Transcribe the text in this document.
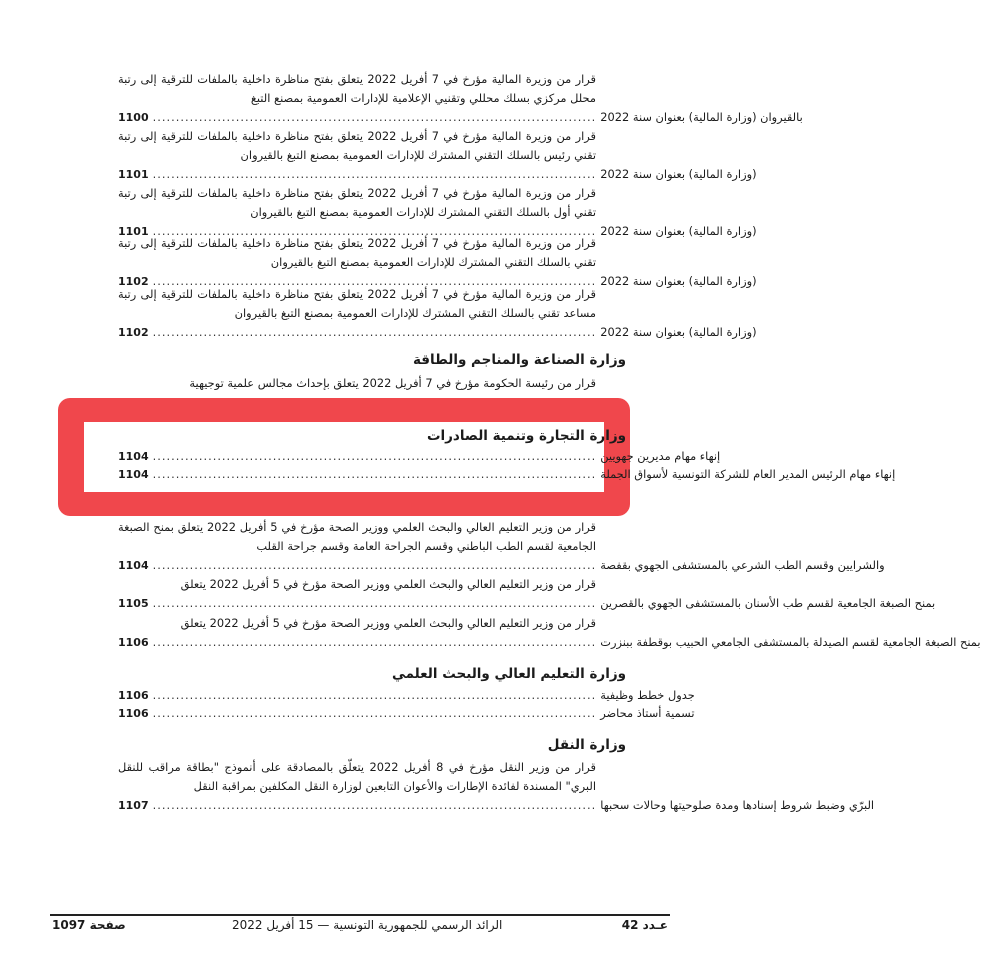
قرار من وزيرة المالية مؤرخ في 7 أفريل 2022 يتعلق بفتح مناظرة داخلية بالملفات للترقية إلى رتبة محلل مركزي بسلك محللي وتقنيي الإعلامية للإدارات العمومية بمصنع التبغ
بالقيروان (وزارة المالية) بعنوان سنة 2022
................................................................................................
1100
قرار من وزيرة المالية مؤرخ في 7 أفريل 2022 يتعلق بفتح مناظرة داخلية بالملفات للترقية إلى رتبة تقني رئيس بالسلك التقني المشترك للإدارات العمومية بمصنع التبغ بالقيروان
(وزارة المالية) بعنوان سنة 2022
................................................................................................
1101
قرار من وزيرة المالية مؤرخ في 7 أفريل 2022 يتعلق بفتح مناظرة داخلية بالملفات للترقية إلى رتبة تقني أول بالسلك التقني المشترك للإدارات العمومية بمصنع التبغ بالقيروان
(وزارة المالية) بعنوان سنة 2022
................................................................................................
1101
قرار من وزيرة المالية مؤرخ في 7 أفريل 2022 يتعلق بفتح مناظرة داخلية بالملفات للترقية إلى رتبة تقني بالسلك التقني المشترك للإدارات العمومية بمصنع التبغ بالقيروان
(وزارة المالية) بعنوان سنة 2022
................................................................................................
1102
قرار من وزيرة المالية مؤرخ في 7 أفريل 2022 يتعلق بفتح مناظرة داخلية بالملفات للترقية إلى رتبة مساعد تقني بالسلك التقني المشترك للإدارات العمومية بمصنع التبغ بالقيروان
(وزارة المالية) بعنوان سنة 2022
................................................................................................
1102
وزارة الصناعة والمناجم والطاقة
قرار من رئيسة الحكومة مؤرخ في 7 أفريل 2022 يتعلق بإحداث مجالس علمية توجيهية
وزارة التجارة وتنمية الصادرات
إنهاء مهام مديرين جهويين
................................................................................................
1104
إنهاء مهام الرئيس المدير العام للشركة التونسية لأسواق الجملة
................................................................................................
1104
قرار من وزير التعليم العالي والبحث العلمي ووزير الصحة مؤرخ في 5 أفريل 2022 يتعلق بمنح الصبغة الجامعية لقسم الطب الباطني وقسم الجراحة العامة وقسم جراحة القلب
والشرايين وقسم الطب الشرعي بالمستشفى الجهوي بقفصة
................................................................................................
1104
قرار من وزير التعليم العالي والبحث العلمي ووزير الصحة مؤرخ في 5 أفريل 2022 يتعلق
بمنح الصبغة الجامعية لقسم طب الأسنان بالمستشفى الجهوي بالقصرين
................................................................................................
1105
قرار من وزير التعليم العالي والبحث العلمي ووزير الصحة مؤرخ في 5 أفريل 2022 يتعلق
بمنح الصبغة الجامعية لقسم الصيدلة بالمستشفى الجامعي الحبيب بوقطفة ببنزرت
................................................................................................
1106
وزارة التعليم العالي والبحث العلمي
جدول خطط وظيفية
................................................................................................
1106
تسمية أستاذ محاضر
................................................................................................
1106
وزارة النقل
قرار من وزير النقل مؤرخ في 8 أفريل 2022 يتعلّق بالمصادقة على أنموذج "بطاقة مراقب للنقل البري" المسندة لفائدة الإطارات والأعوان التابعين لوزارة النقل المكلفين بمراقبة النقل
البرّي وضبط شروط إسنادها ومدة صلوحيتها وحالات سحبها
................................................................................................
1107
عـدد 42
الرائد الرسمي للجمهورية التونسية — 15 أفريل 2022
صفحة 1097
